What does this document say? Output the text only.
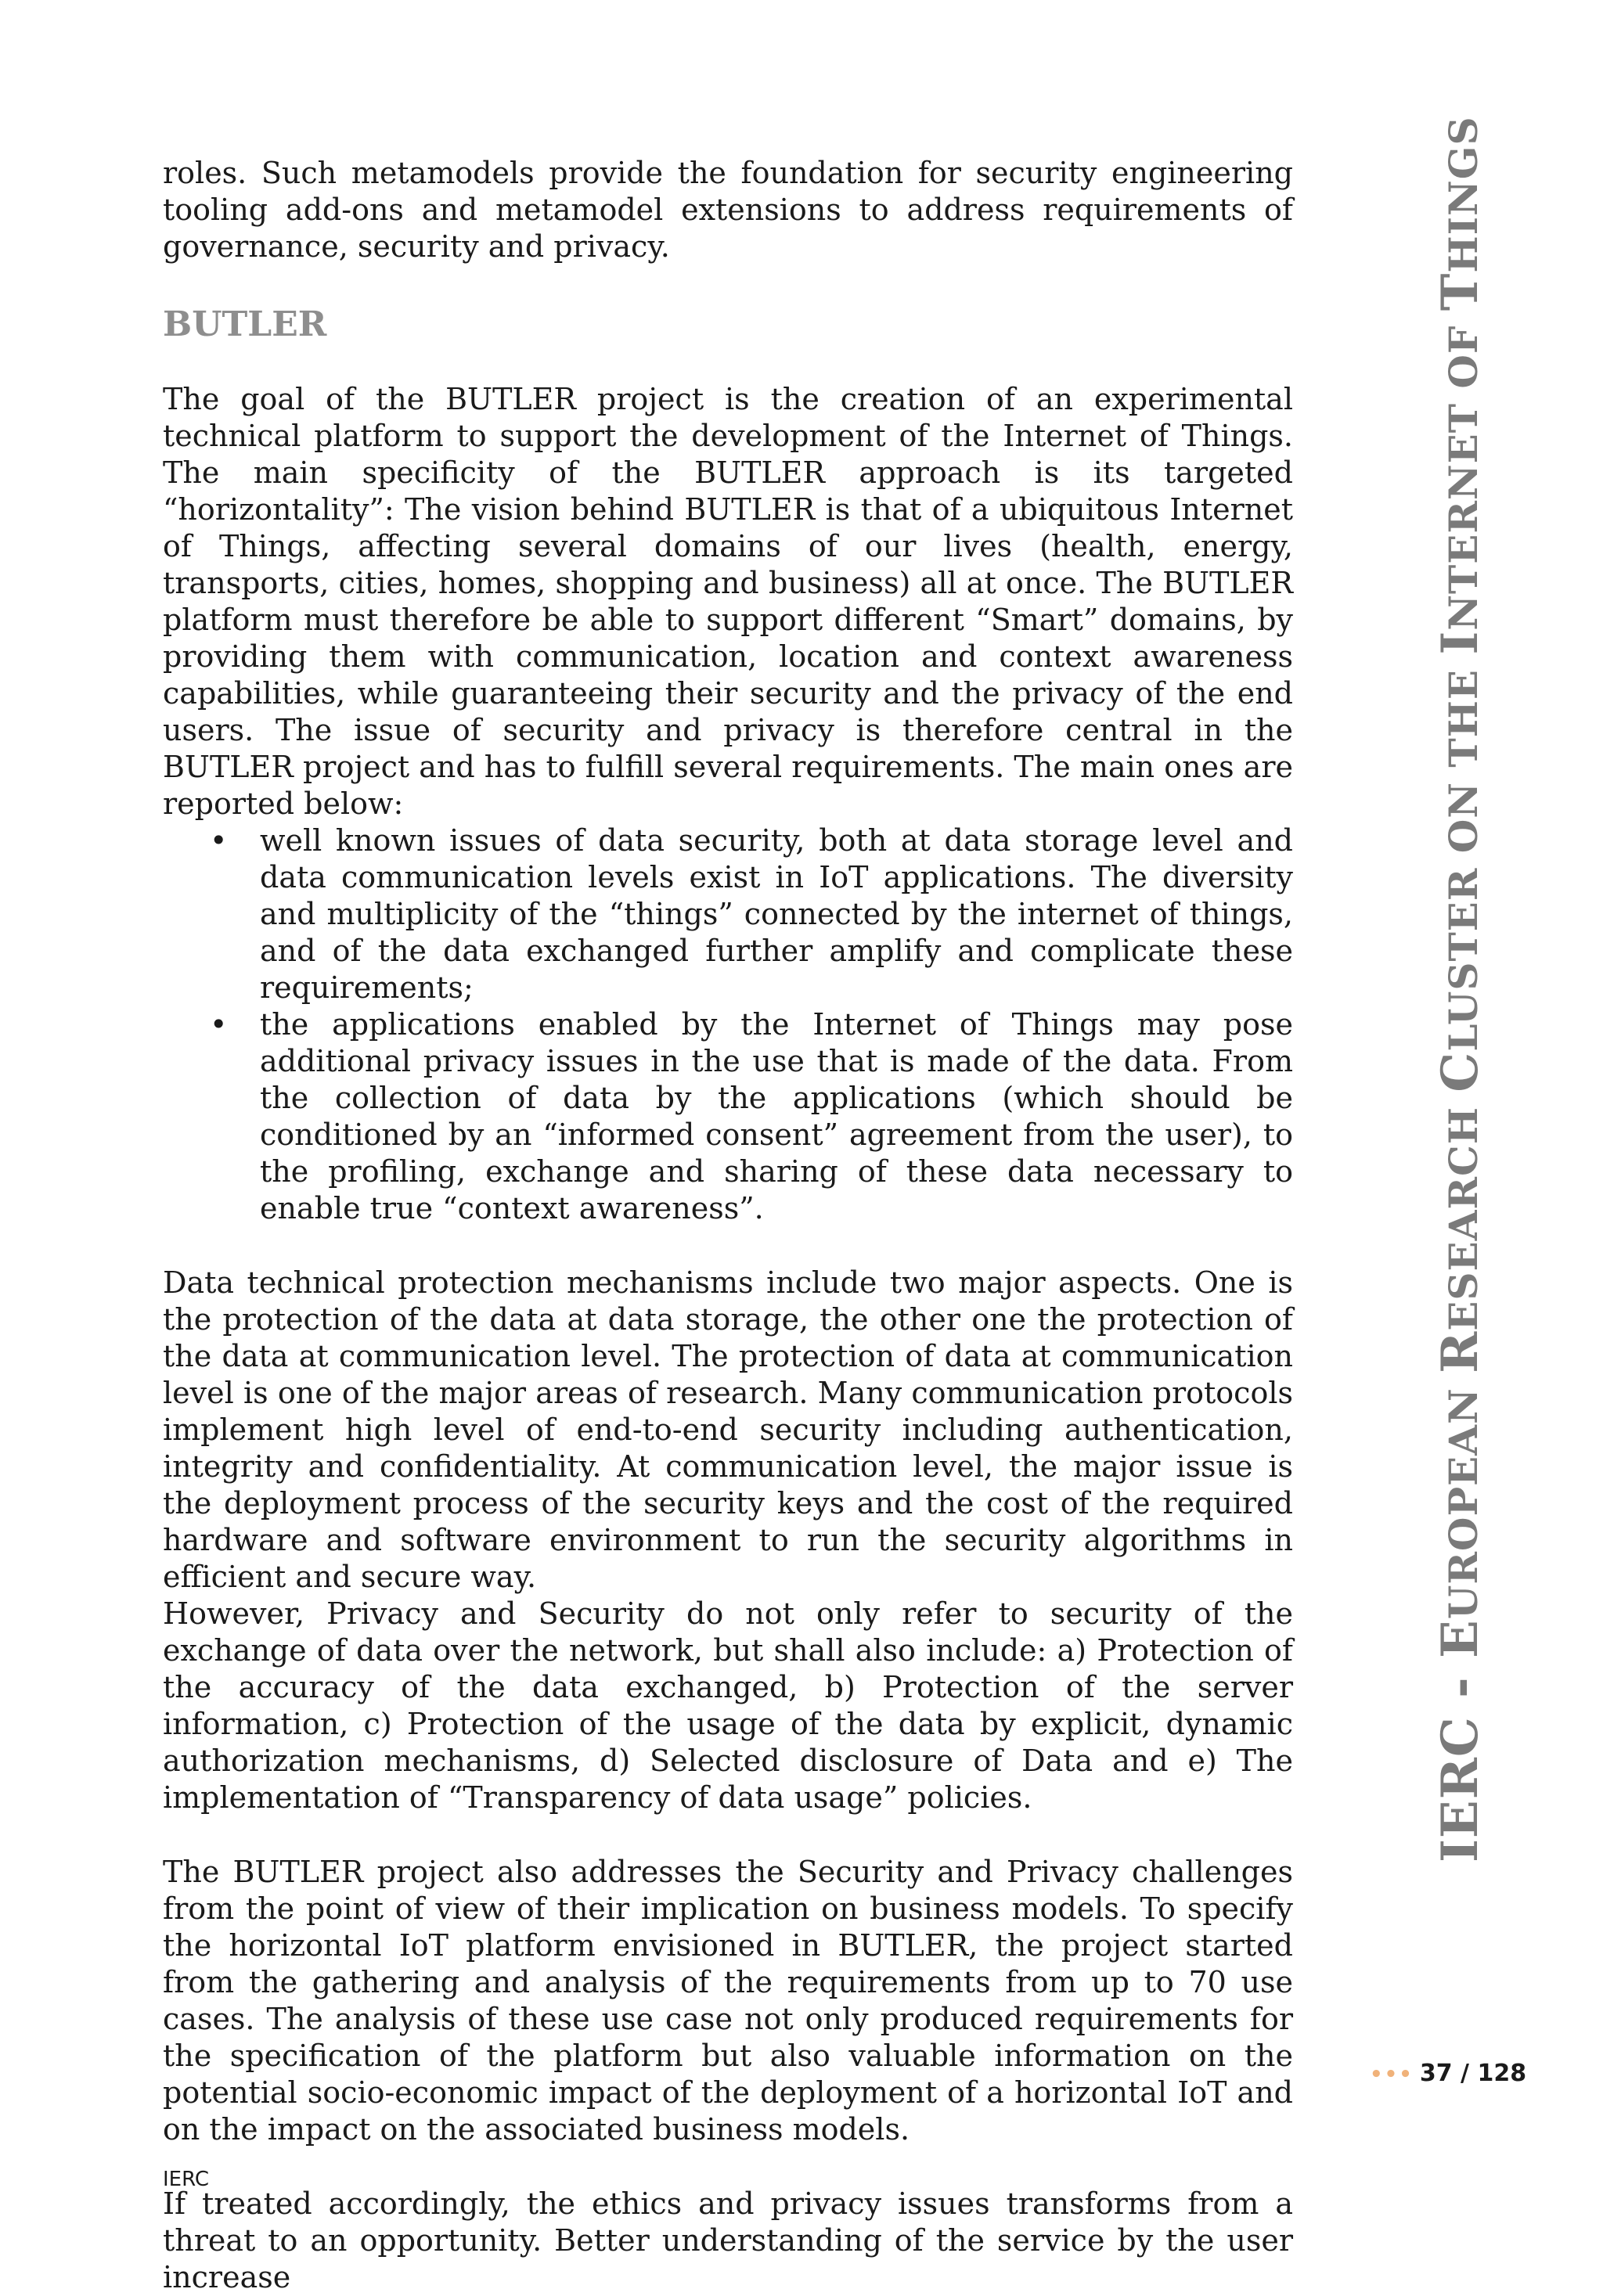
roles. Such metamodels provide the foundation for security engineering tooling add-ons and metamodel extensions to address requirements of governance, security and privacy.

BUTLER

The goal of the BUTLER project is the creation of an experimental technical platform to support the development of the Internet of Things. The main specificity of the BUTLER approach is its targeted “horizontality”: The vision behind BUTLER is that of a ubiquitous Internet of Things, affecting several domains of our lives (health, energy, transports, cities, homes, shopping and business) all at once. The BUTLER platform must therefore be able to support different “Smart” domains, by providing them with communication, location and context awareness capabilities, while guaranteeing their security and the privacy of the end users. The issue of security and privacy is therefore central in the BUTLER project and has to fulfill several requirements. The main ones are reported below:

• well known issues of data security, both at data storage level and data communication levels exist in IoT applications. The diversity and multiplicity of the “things” connected by the internet of things, and of the data exchanged further amplify and complicate these requirements;
• the applications enabled by the Internet of Things may pose additional privacy issues in the use that is made of the data. From the collection of data by the applications (which should be conditioned by an “informed consent” agreement from the user), to the profiling, exchange and sharing of these data necessary to enable true “context awareness”.

Data technical protection mechanisms include two major aspects. One is the protection of the data at data storage, the other one the protection of the data at communication level. The protection of data at communication level is one of the major areas of research. Many communication protocols implement high level of end-to-end security including authentication, integrity and confidentiality. At communication level, the major issue is the deployment process of the security keys and the cost of the required hardware and software environment to run the security algorithms in efficient and secure way.

However, Privacy and Security do not only refer to security of the exchange of data over the network, but shall also include: a) Protection of the accuracy of the data exchanged, b) Protection of the server information, c) Protection of the usage of the data by explicit, dynamic authorization mechanisms, d) Selected disclosure of Data and e) The implementation of “Transparency of data usage” policies.

The BUTLER project also addresses the Security and Privacy challenges from the point of view of their implication on business models. To specify the horizontal IoT platform envisioned in BUTLER, the project started from the gathering and analysis of the requirements from up to 70 use cases. The analysis of these use case not only produced requirements for the specification of the platform but also valuable information on the potential socio-economic impact of the deployment of a horizontal IoT and on the impact on the associated business models.

If treated accordingly, the ethics and privacy issues transforms from a threat to an opportunity. Better understanding of the service by the user increase

IERC - EUROPEAN RESEARCH CLUSTER ON THE INTERNET OF THINGS
••• 37 / 128
IERC
